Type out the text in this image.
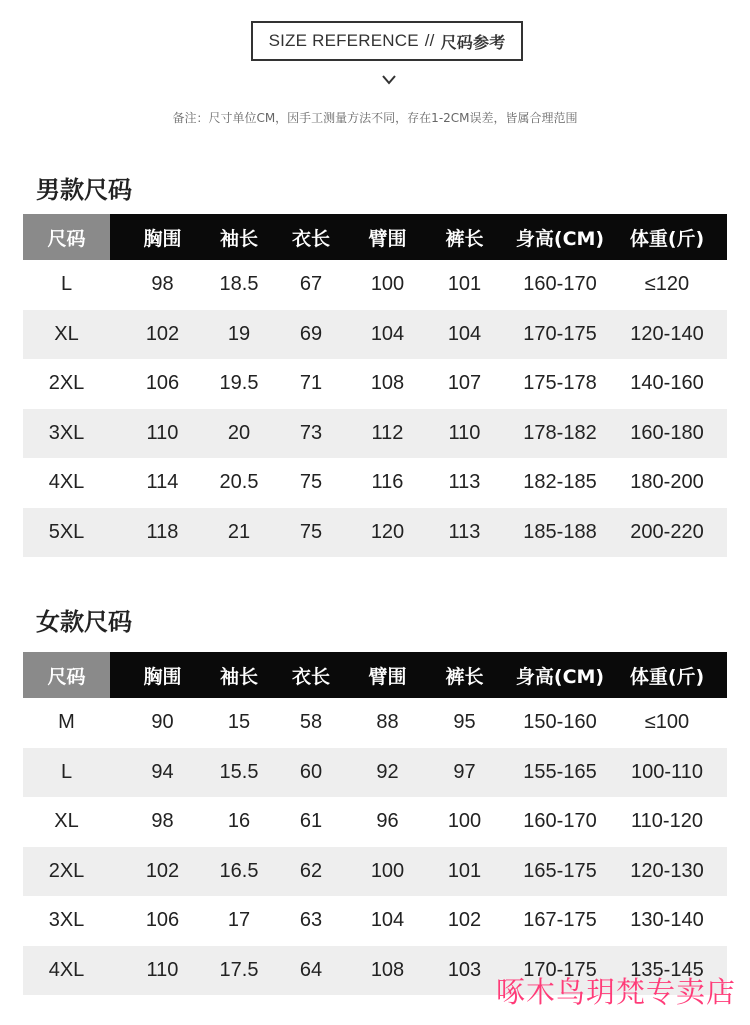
SIZE REFERENCE // 尺码参考
备注：尺寸单位CM，因手工测量方法不同，存在1-2CM误差，皆属合理范围
男款尺码
尺码	胸围	袖长	衣长	臂围	裤长	身高(CM)	体重(斤)
L	98	18.5	67	100	101	160-170	≤120
XL	102	19	69	104	104	170-175	120-140
2XL	106	19.5	71	108	107	175-178	140-160
3XL	110	20	73	112	110	178-182	160-180
4XL	114	20.5	75	116	113	182-185	180-200
5XL	118	21	75	120	113	185-188	200-220
女款尺码
尺码	胸围	袖长	衣长	臂围	裤长	身高(CM)	体重(斤)
M	90	15	58	88	95	150-160	≤100
L	94	15.5	60	92	97	155-165	100-110
XL	98	16	61	96	100	160-170	110-120
2XL	102	16.5	62	100	101	165-175	120-130
3XL	106	17	63	104	102	167-175	130-140
4XL	110	17.5	64	108	103	170-175	135-145
啄木鸟玥梵专卖店
